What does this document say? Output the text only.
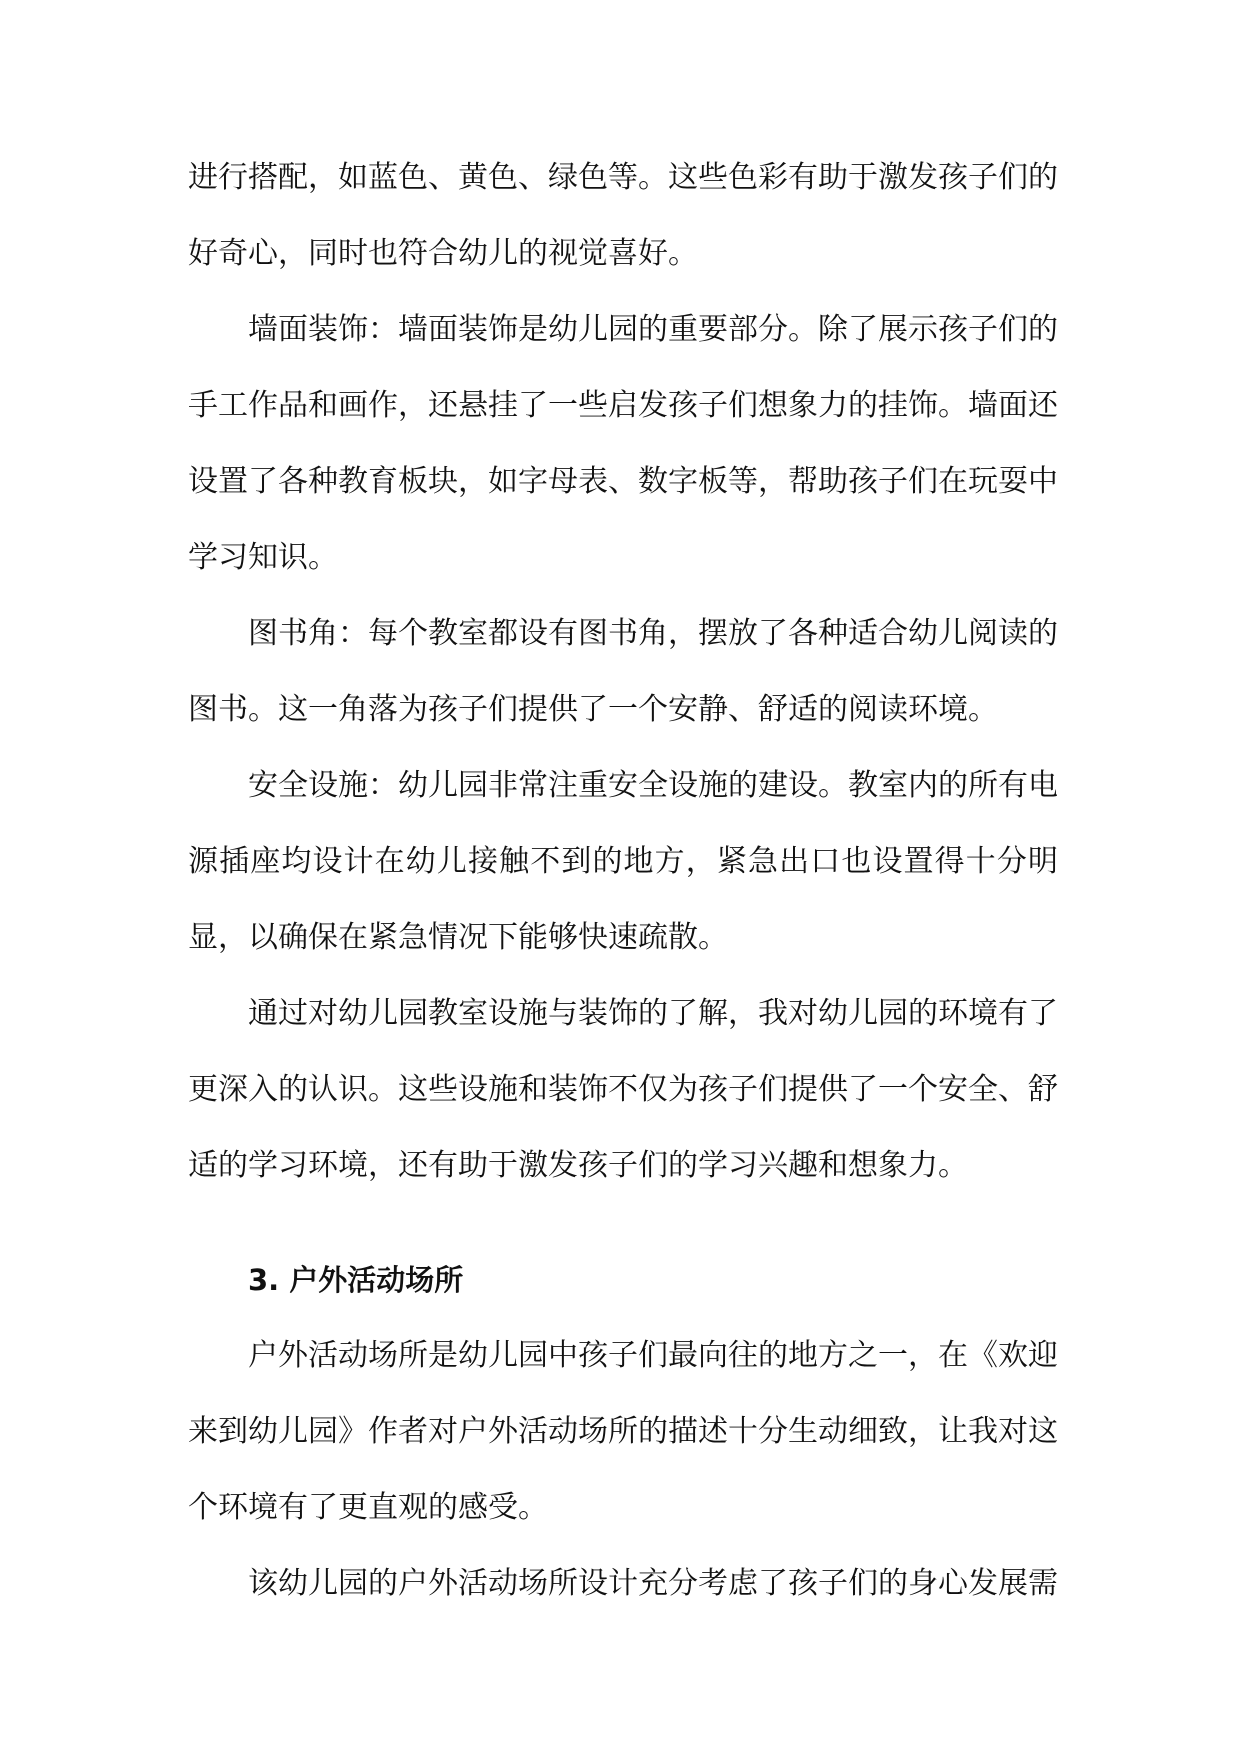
进行搭配，如蓝色、黄色、绿色等。这些色彩有助于激发孩子们的好奇心，同时也符合幼儿的视觉喜好。

墙面装饰：墙面装饰是幼儿园的重要部分。除了展示孩子们的手工作品和画作，还悬挂了一些启发孩子们想象力的挂饰。墙面还设置了各种教育板块，如字母表、数字板等，帮助孩子们在玩耍中学习知识。

图书角：每个教室都设有图书角，摆放了各种适合幼儿阅读的图书。这一角落为孩子们提供了一个安静、舒适的阅读环境。

安全设施：幼儿园非常注重安全设施的建设。教室内的所有电源插座均设计在幼儿接触不到的地方，紧急出口也设置得十分明显，以确保在紧急情况下能够快速疏散。

通过对幼儿园教室设施与装饰的了解，我对幼儿园的环境有了更深入的认识。这些设施和装饰不仅为孩子们提供了一个安全、舒适的学习环境，还有助于激发孩子们的学习兴趣和想象力。

3. 户外活动场所

户外活动场所是幼儿园中孩子们最向往的地方之一，在《欢迎来到幼儿园》作者对户外活动场所的描述十分生动细致，让我对这个环境有了更直观的感受。

该幼儿园的户外活动场所设计充分考虑了孩子们的身心发展需
